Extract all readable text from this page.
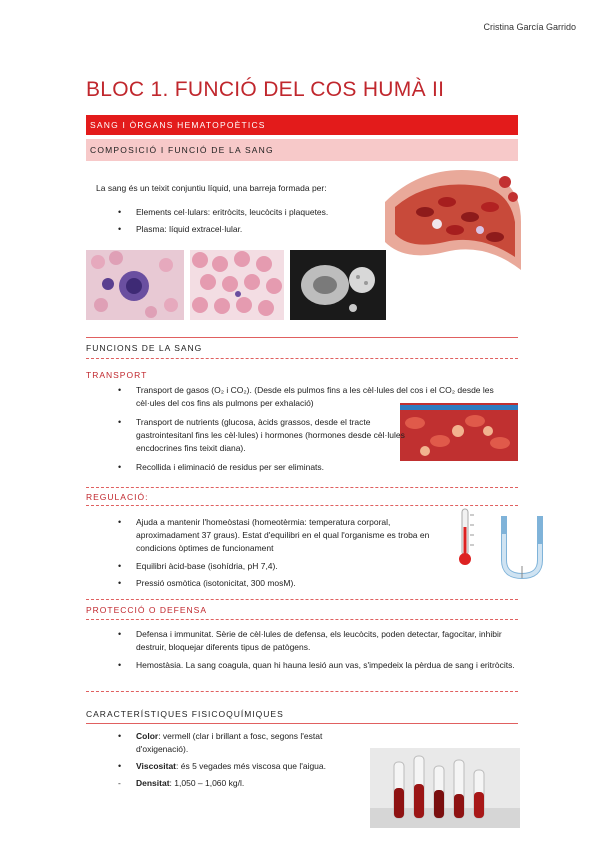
Cristina García Garrido
BLOC 1. FUNCIÓ DEL COS HUMÀ II
SANG I ÒRGANS HEMATOPOÈTICS
COMPOSICIÓ I FUNCIÓ DE LA SANG
La sang és un teixit conjuntiu líquid, una barreja formada per:
• Elements cel·lulars: eritròcits, leucòcits i plaquetes.
• Plasma: líquid extracel·lular.
FUNCIONS DE LA SANG
TRANSPORT
• Transport de gasos (O₂ i CO₂). (Desde els pulmos fins a les cèl·lules del cos i el CO₂ desde les cèl·ules del cos fins als pulmons per exhalació)
• Transport de nutrients (glucosa, àcids grassos, desde el tracte gastrointesitanl fins les cèl·lules) i hormones (hormones desde cèl·lules encdocrines fins teixit diana).
• Recollida i eliminació de residus per ser eliminats.
REGULACIÓ:
• Ajuda a mantenir l'homeòstasi (homeotèrmia: temperatura corporal, aproximadament 37 graus). Estat d'equilibri en el qual l'organisme es troba en condicions òptimes de funcionament
• Equilibri àcid-base (isohídria, pH 7,4).
• Pressió osmòtica (isotonicitat, 300 mosM).
PROTECCIÓ O DEFENSA
• Defensa i immunitat. Sèrie de cèl·lules de defensa, els leucòcits, poden detectar, fagocitar, inhibir destruir, bloquejar diferents tipus de patògens.
• Hemostàsia. La sang coagula, quan hi hauna lesió aun vas, s'impedeix la pèrdua de sang i eritròcits.
CARACTERÍSTIQUES FISICOQUÍMIQUES
• Color: vermell (clar i brillant a fosc, segons l'estat d'oxigenació).
• Viscositat: és 5 vegades més viscosa que l'aigua.
- Densitat: 1,050 – 1,060 kg/l.
